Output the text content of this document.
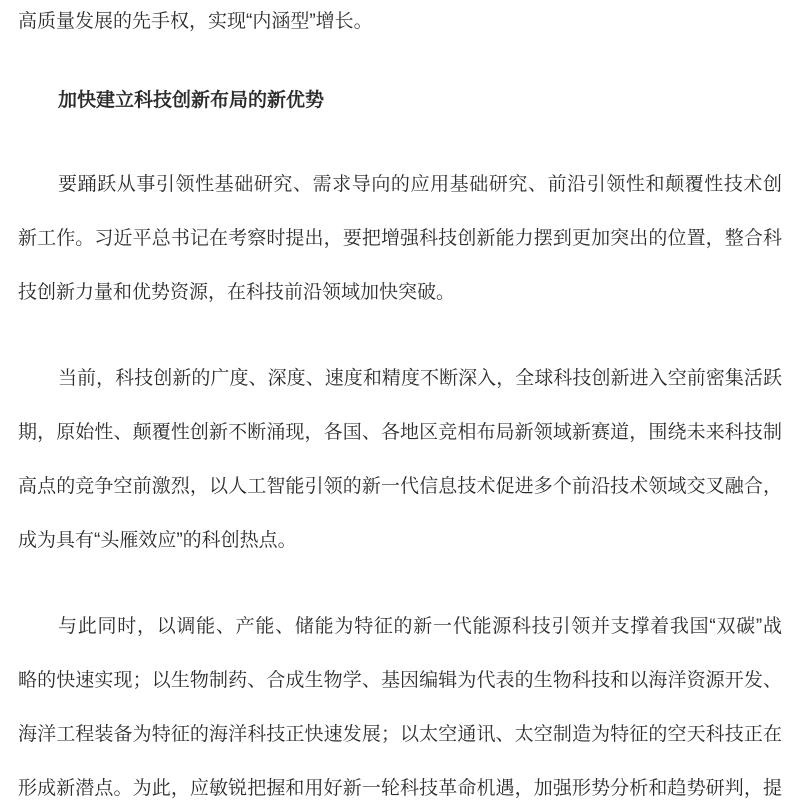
高质量发展的先手权，实现“内涵型”增长。
加快建立科技创新布局的新优势
要踊跃从事引领性基础研究、需求导向的应用基础研究、前沿引领性和颠覆性技术创
新工作。习近平总书记在考察时提出，要把增强科技创新能力摆到更加突出的位置，整合科
技创新力量和优势资源，在科技前沿领域加快突破。
当前，科技创新的广度、深度、速度和精度不断深入，全球科技创新进入空前密集活跃
期，原始性、颠覆性创新不断涌现，各国、各地区竞相布局新领域新赛道，围绕未来科技制
高点的竞争空前激烈，以人工智能引领的新一代信息技术促进多个前沿技术领域交叉融合，
成为具有“头雁效应”的科创热点。
与此同时，以调能、产能、储能为特征的新一代能源科技引领并支撑着我国“双碳”战
略的快速实现；以生物制药、合成生物学、基因编辑为代表的生物科技和以海洋资源开发、
海洋工程装备为特征的海洋科技正快速发展；以太空通讯、太空制造为特征的空天科技正在
形成新潜点。为此，应敏锐把握和用好新一轮科技革命机遇，加强形势分析和趋势研判，提
